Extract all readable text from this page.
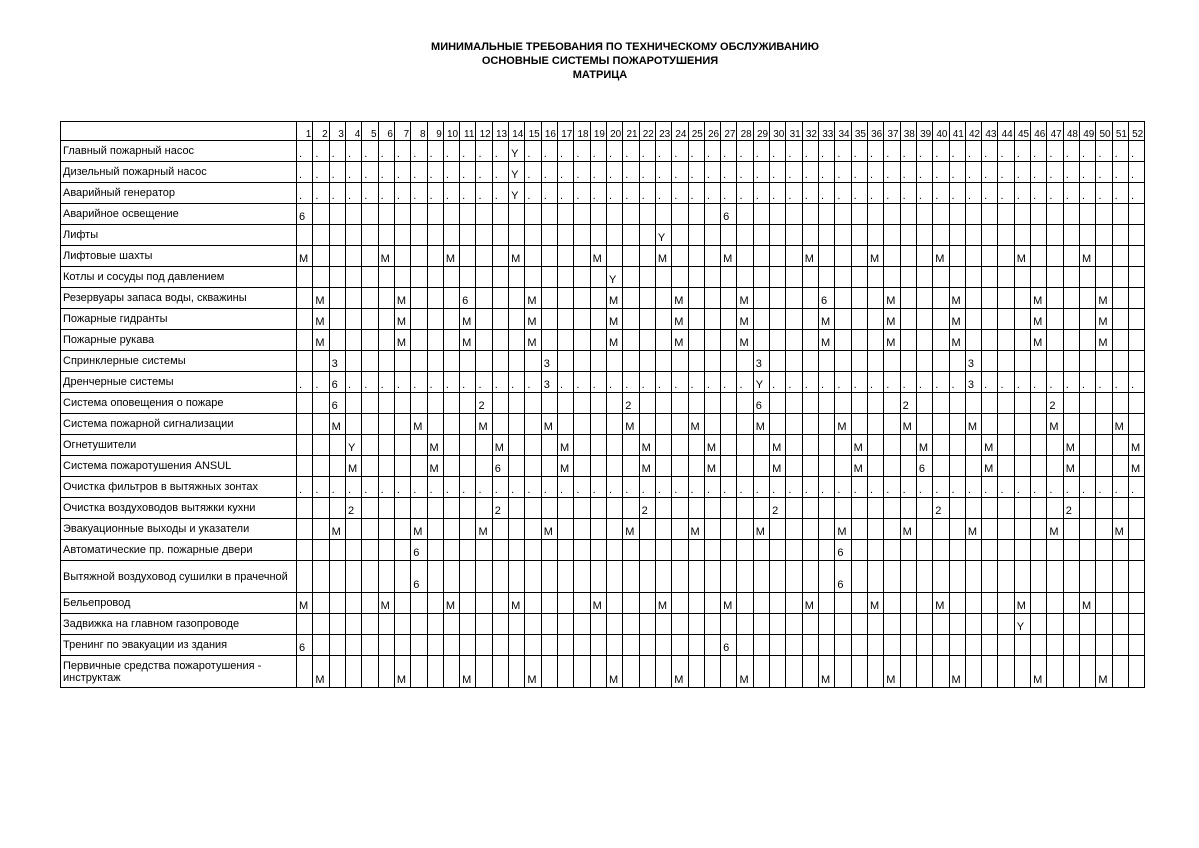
МИНИМАЛЬНЫЕ ТРЕБОВАНИЯ ПО ТЕХНИЧЕСКОМУ ОБСЛУЖИВАНИЮ
ОСНОВНЫЕ СИСТЕМЫ ПОЖАРОТУШЕНИЯ
МАТРИЦА
	1	2	3	4	5	6	7	8	9	10	11	12	13	14	15	16	17	18	19	20	21	22	23	24	25	26	27	28	29	30	31	32	33	34	35	36	37	38	39	40	41	42	43	44	45	46	47	48	49	50	51	52
Главный пожарный насос	.	.	.	.	.	.	.	.	.	.	.	.	.	Y	.	.	.	.	.	.	.	.	.	.	.	.	.	.	.	.	.	.	.	.	.	.	.	.	.	.	.	.	.	.	.	.	.	.	.	.	.	.
Дизельный пожарный насос	.	.	.	.	.	.	.	.	.	.	.	.	.	Y	.	.	.	.	.	.	.	.	.	.	.	.	.	.	.	.	.	.	.	.	.	.	.	.	.	.	.	.	.	.	.	.	.	.	.	.	.	.
Аварийный генератор	.	.	.	.	.	.	.	.	.	.	.	.	.	Y	.	.	.	.	.	.	.	.	.	.	.	.	.	.	.	.	.	.	.	.	.	.	.	.	.	.	.	.	.	.	.	.	.	.	.	.	.	.
Аварийное освещение	6																										6																									
Лифты																							Y																													
Лифтовые шахты	M					M				M				M					M				M				M					M				M				M					M				M			
Котлы и сосуды под давлением																				Y																																
Резервуары запаса воды, скважины		M					M				6				M					M				M				M					6				M				M					M				M		
Пожарные гидранты		M					M				M				M					M				M				M					M				M				M					M				M		
Пожарные рукава		M					M				M				M					M				M				M					M				M				M					M				M		
Спринклерные системы			3													3													3													3										
Дренчерные системы	.	.	6	.	.	.	.	.	.	.	.	.	.	.	.	3	.	.	.	.	.	.	.	.	.	.	.	.	Y	.	.	.	.	.	.	.	.	.	.	.	.	3	.	.	.	.	.	.	.	.	.	.
Система оповещения о пожаре			6									2									2								6									2									2					
Система пожарной сигнализации			M					M				M				M					M				M				M					M				M				M					M				M	
Огнетушители				Y					M				M				M					M				M				M					M				M				M					M				M
Система пожаротушения ANSUL				M					M				6				M					M				M				M					M				6				M					M				M
Очистка фильтров в вытяжных зонтах	.	.	.	.	.	.	.	.	.	.	.	.	.	.	.	.	.	.	.	.	.	.	.	.	.	.	.	.	.	.	.	.	.	.	.	.	.	.	.	.	.	.	.	.	.	.	.	.	.	.	.	.
Очистка воздуховодов вытяжки кухни				2									2									2								2										2								2				
Эвакуационные выходы и указатели			M					M				M				M					M				M				M					M				M				M					M				M	
Автоматические пр. пожарные двери								6																										6																		
Вытяжной воздуховод сушилки в прачечной								6																										6																		
Бельепровод	M					M				M				M					M				M				M					M				M				M					M				M			
Задвижка на главном газопроводе																																													Y							
Тренинг по эвакуации из здания	6																										6																									
Первичные средства пожаротушения - инструктаж		M					M				M				M					M				M				M					M				M				M					M				M		
